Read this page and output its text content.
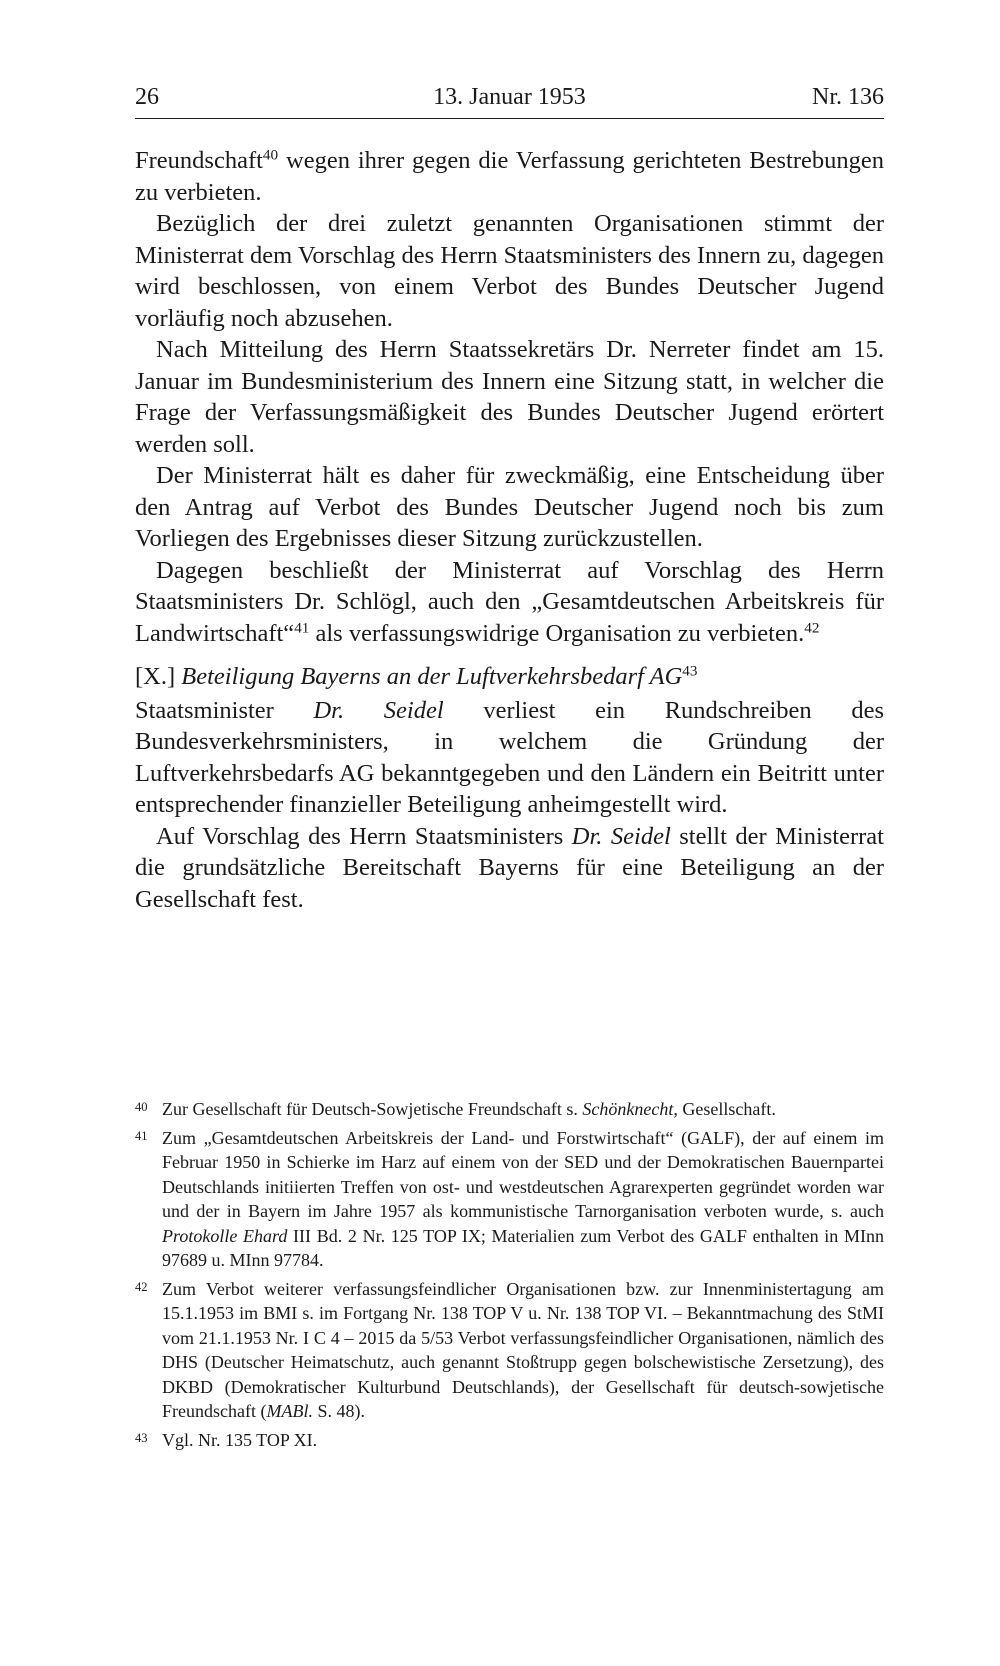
26	13. Januar 1953	Nr. 136

Freundschaft$^{40}$ wegen ihrer gegen die Verfassung gerichteten Bestrebungen zu verbieten.

Bezüglich der drei zuletzt genannten Organisationen stimmt der Ministerrat dem Vorschlag des Herrn Staatsministers des Innern zu, dagegen wird beschlossen, von einem Verbot des Bundes Deutscher Jugend vorläufig noch abzusehen.

Nach Mitteilung des Herrn Staatssekretärs Dr. Nerreter findet am 15. Januar im Bundesministerium des Innern eine Sitzung statt, in welcher die Frage der Verfassungsmäßigkeit des Bundes Deutscher Jugend erörtert werden soll.

Der Ministerrat hält es daher für zweckmäßig, eine Entscheidung über den Antrag auf Verbot des Bundes Deutscher Jugend noch bis zum Vorliegen des Ergebnisses dieser Sitzung zurückzustellen.

Dagegen beschließt der Ministerrat auf Vorschlag des Herrn Staatsministers Dr. Schlögl, auch den „Gesamtdeutschen Arbeitskreis für Landwirtschaft“$^{41}$ als verfassungswidrige Organisation zu verbieten.$^{42}$

[X.] Beteiligung Bayerns an der Luftverkehrsbedarf AG$^{43}$

Staatsminister Dr. Seidel verliest ein Rundschreiben des Bundesverkehrsministers, in welchem die Gründung der Luftverkehrsbedarfs AG bekanntgegeben und den Ländern ein Beitritt unter entsprechender finanzieller Beteiligung anheimgestellt wird.

Auf Vorschlag des Herrn Staatsministers Dr. Seidel stellt der Ministerrat die grundsätzliche Bereitschaft Bayerns für eine Beteiligung an der Gesellschaft fest.

40 Zur Gesellschaft für Deutsch-Sowjetische Freundschaft s. Schönknecht, Gesellschaft.
41 Zum „Gesamtdeutschen Arbeitskreis der Land- und Forstwirtschaft“ (GALF), der auf einem im Februar 1950 in Schierke im Harz auf einem von der SED und der Demokratischen Bauernpartei Deutschlands initiierten Treffen von ost- und westdeutschen Agrarexperten gegründet worden war und der in Bayern im Jahre 1957 als kommunistische Tarnorganisation verboten wurde, s. auch Protokolle Ehard III Bd. 2 Nr. 125 TOP IX; Materialien zum Verbot des GALF enthalten in MInn 97689 u. MInn 97784.
42 Zum Verbot weiterer verfassungsfeindlicher Organisationen bzw. zur Innenministertagung am 15.1.1953 im BMI s. im Fortgang Nr. 138 TOP V u. Nr. 138 TOP VI. – Bekanntmachung des StMI vom 21.1.1953 Nr. I C 4 – 2015 da 5/53 Verbot verfassungsfeindlicher Organisationen, nämlich des DHS (Deutscher Heimatschutz, auch genannt Stoßtrupp gegen bolschewistische Zersetzung), des DKBD (Demokratischer Kulturbund Deutschlands), der Gesellschaft für deutsch-sowjetische Freundschaft (MABl. S. 48).
43 Vgl. Nr. 135 TOP XI.
